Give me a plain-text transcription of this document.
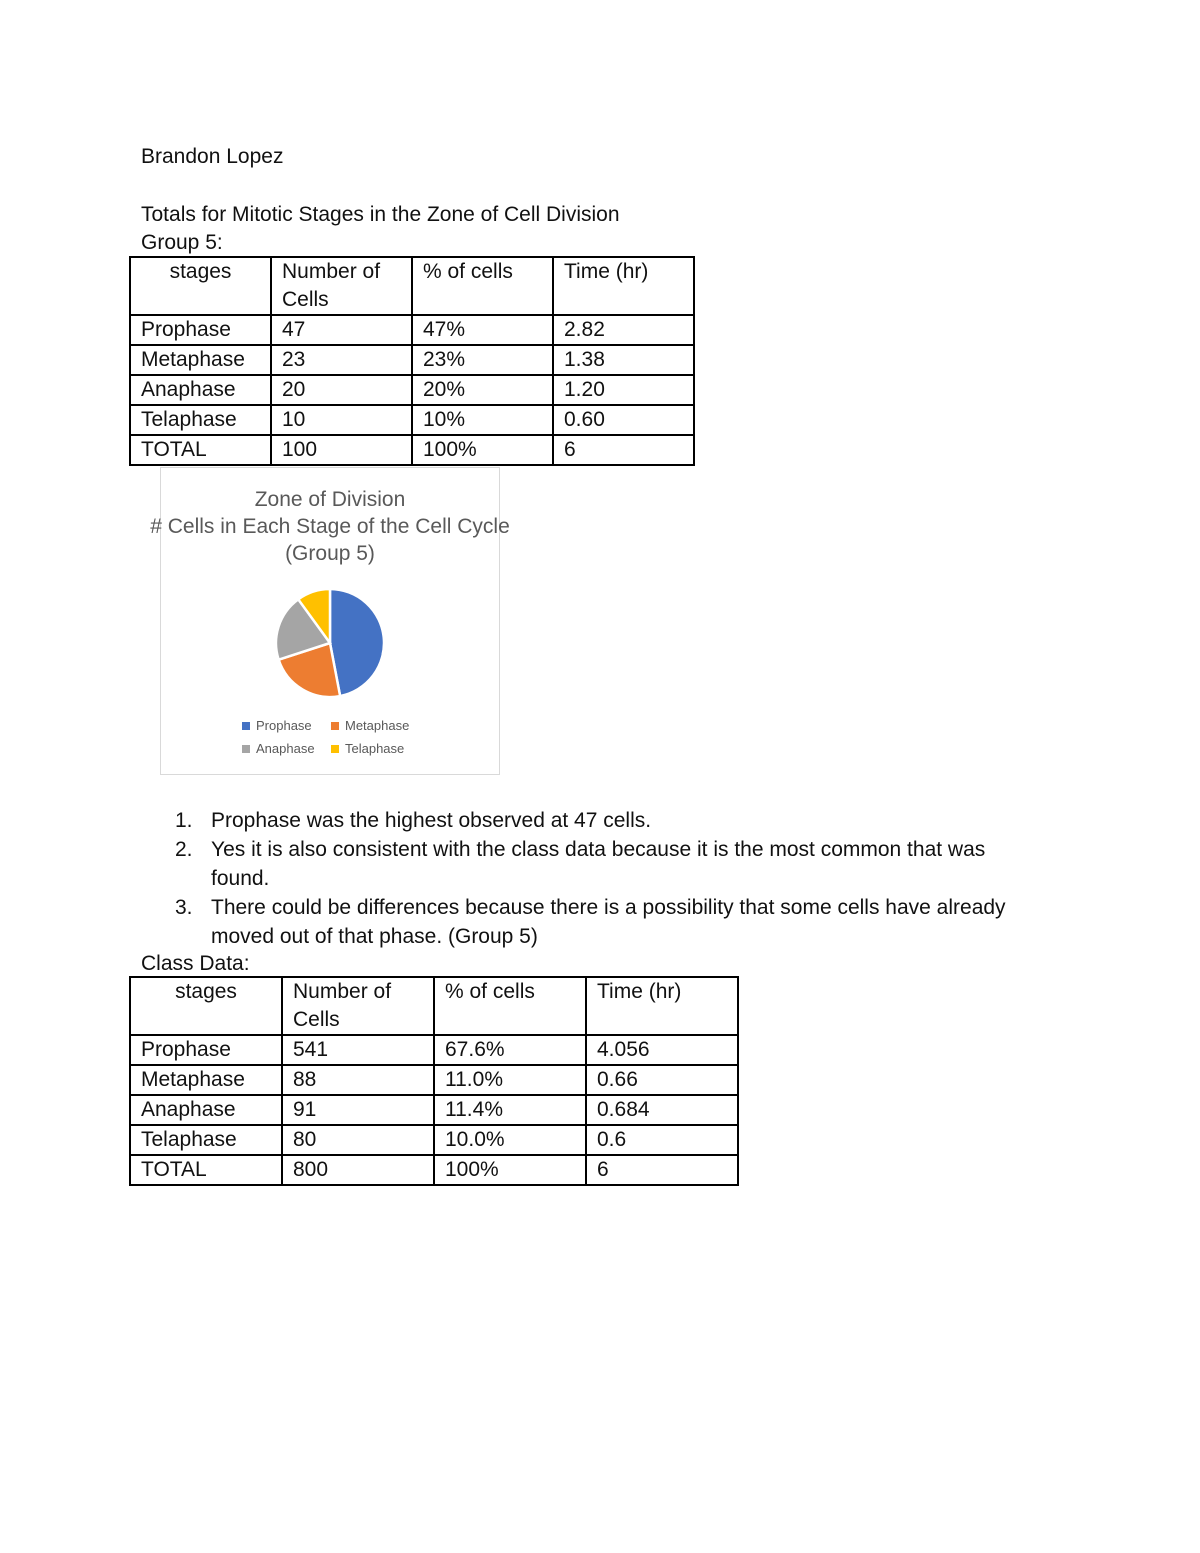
Brandon Lopez
Totals for Mitotic Stages in the Zone of Cell Division
Group 5:
stages	Number of Cells	% of cells	Time (hr)
Prophase	47	47%	2.82
Metaphase	23	23%	1.38
Anaphase	20	20%	1.20
Telaphase	10	10%	0.60
TOTAL	100	100%	6
Zone of Division
# Cells in Each Stage of the Cell Cycle
(Group 5)
Prophase	Metaphase
Anaphase Telaphase
1. Prophase was the highest observed at 47 cells.
2. Yes it is also consistent with the class data because it is the most common that was found.
3. There could be differences because there is a possibility that some cells have already moved out of that phase. (Group 5)
Class Data:
stages	Number of Cells	% of cells	Time (hr)
Prophase	541	67.6%	4.056
Metaphase	88	11.0%	0.66
Anaphase	91	11.4%	0.684
Telaphase	80	10.0%	0.6
TOTAL	800	100%	6
